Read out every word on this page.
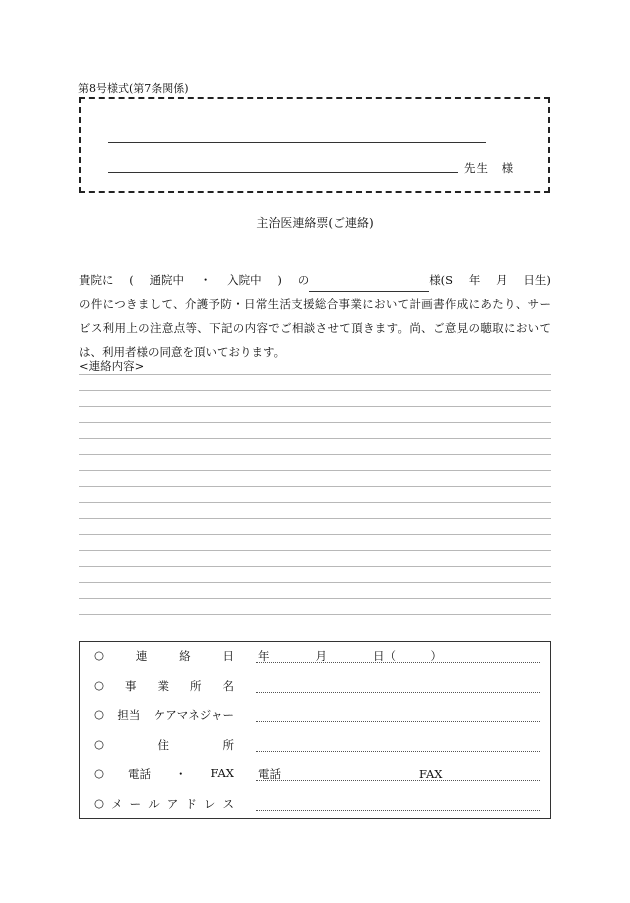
第8号様式(第7条関係)
先生 様
主治医連絡票(ご連絡)
貴院に ( 通院中 ・ 入院中 ) の	様(S 年 月 日生)
の件につきまして、介護予防・日常生活支援総合事業において計画書作成にあたり、サー
ビス利用上の注意点等、下記の内容でご相談させて頂きます。尚、ご意見の聴取において
は、利用者様の同意を頂いております。
<連絡内容>
○	連	絡	日 年　　　　月　　　　日（　　　）
○ 事 業 所 名
○ 担当 ケアマネジャー
○	住	所
○ 電話 ・ FAX 電話　　　　　　　　　　　　FAX
○ メ ー ル ア ド レ ス
